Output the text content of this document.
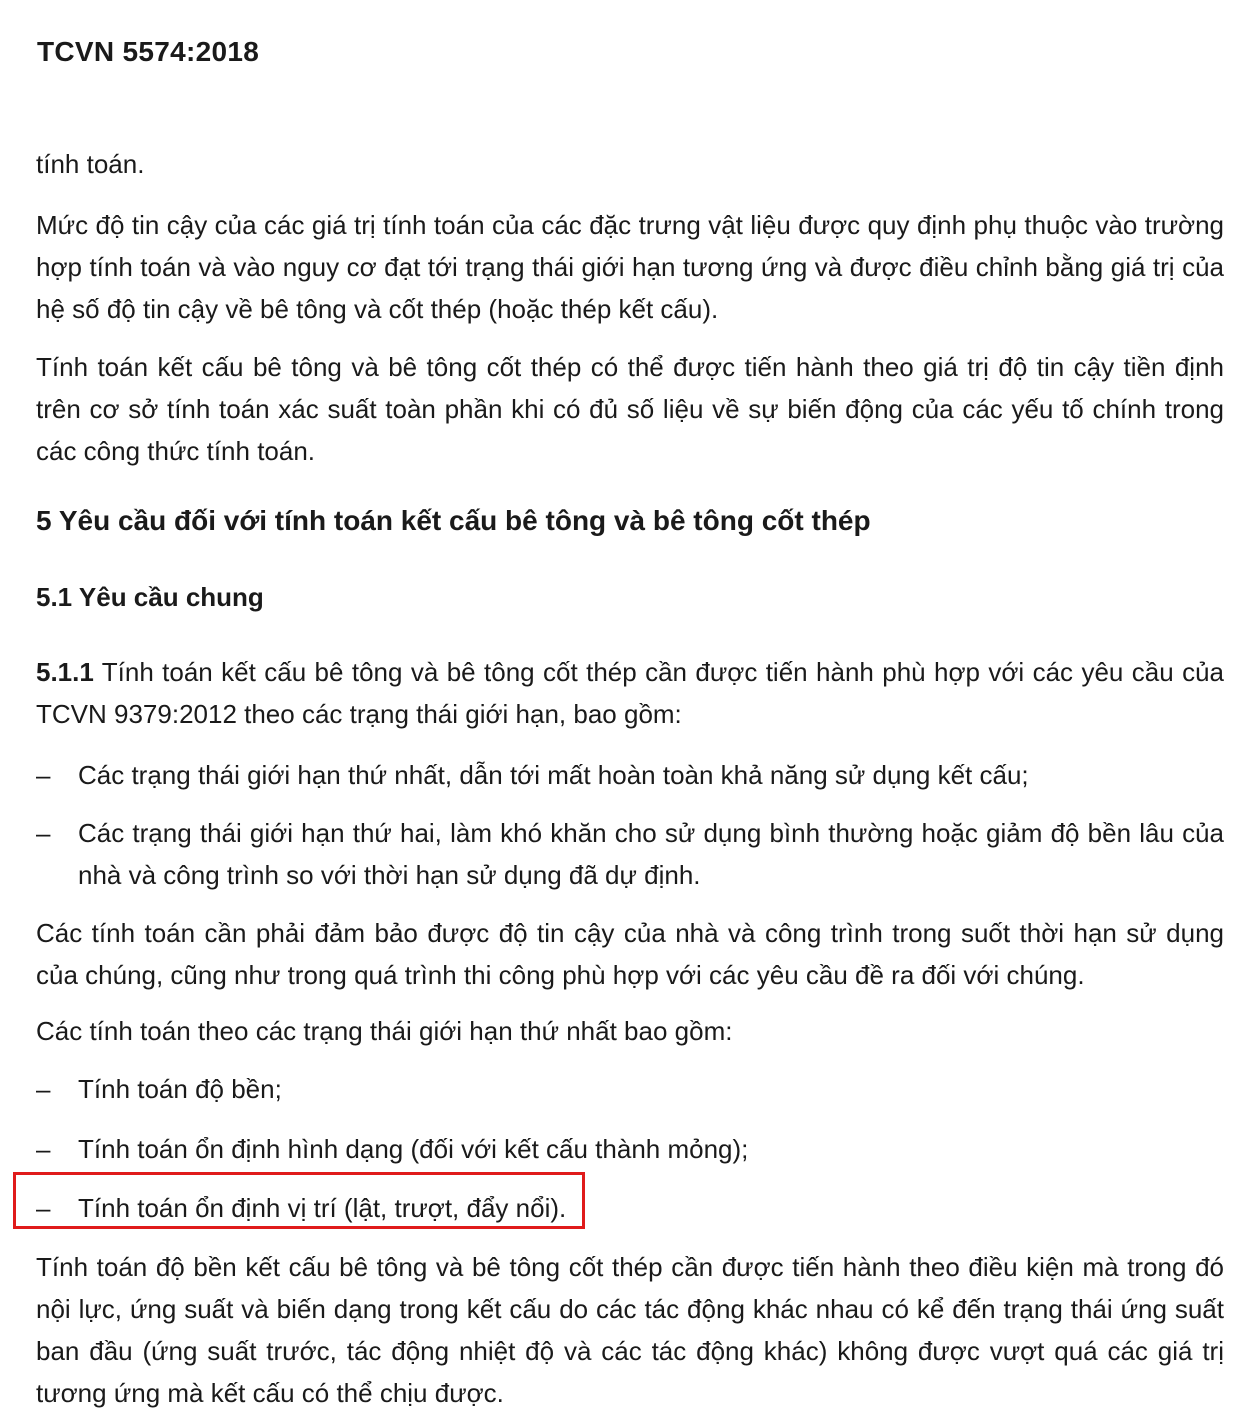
TCVN 5574:2018
tính toán.
Mức độ tin cậy của các giá trị tính toán của các đặc trưng vật liệu được quy định phụ thuộc vào trường hợp tính toán và vào nguy cơ đạt tới trạng thái giới hạn tương ứng và được điều chỉnh bằng giá trị của hệ số độ tin cậy về bê tông và cốt thép (hoặc thép kết cấu).
Tính toán kết cấu bê tông và bê tông cốt thép có thể được tiến hành theo giá trị độ tin cậy tiền định trên cơ sở tính toán xác suất toàn phần khi có đủ số liệu về sự biến động của các yếu tố chính trong các công thức tính toán.
5 Yêu cầu đối với tính toán kết cấu bê tông và bê tông cốt thép
5.1 Yêu cầu chung
5.1.1 Tính toán kết cấu bê tông và bê tông cốt thép cần được tiến hành phù hợp với các yêu cầu của TCVN 9379:2012 theo các trạng thái giới hạn, bao gồm:
–	Các trạng thái giới hạn thứ nhất, dẫn tới mất hoàn toàn khả năng sử dụng kết cấu;
–	Các trạng thái giới hạn thứ hai, làm khó khăn cho sử dụng bình thường hoặc giảm độ bền lâu của nhà và công trình so với thời hạn sử dụng đã dự định.
Các tính toán cần phải đảm bảo được độ tin cậy của nhà và công trình trong suốt thời hạn sử dụng của chúng, cũng như trong quá trình thi công phù hợp với các yêu cầu đề ra đối với chúng.
Các tính toán theo các trạng thái giới hạn thứ nhất bao gồm:
–	Tính toán độ bền;
–	Tính toán ổn định hình dạng (đối với kết cấu thành mỏng);
–	Tính toán ổn định vị trí (lật, trượt, đẩy nổi).
Tính toán độ bền kết cấu bê tông và bê tông cốt thép cần được tiến hành theo điều kiện mà trong đó nội lực, ứng suất và biến dạng trong kết cấu do các tác động khác nhau có kể đến trạng thái ứng suất ban đầu (ứng suất trước, tác động nhiệt độ và các tác động khác) không được vượt quá các giá trị tương ứng mà kết cấu có thể chịu được.
